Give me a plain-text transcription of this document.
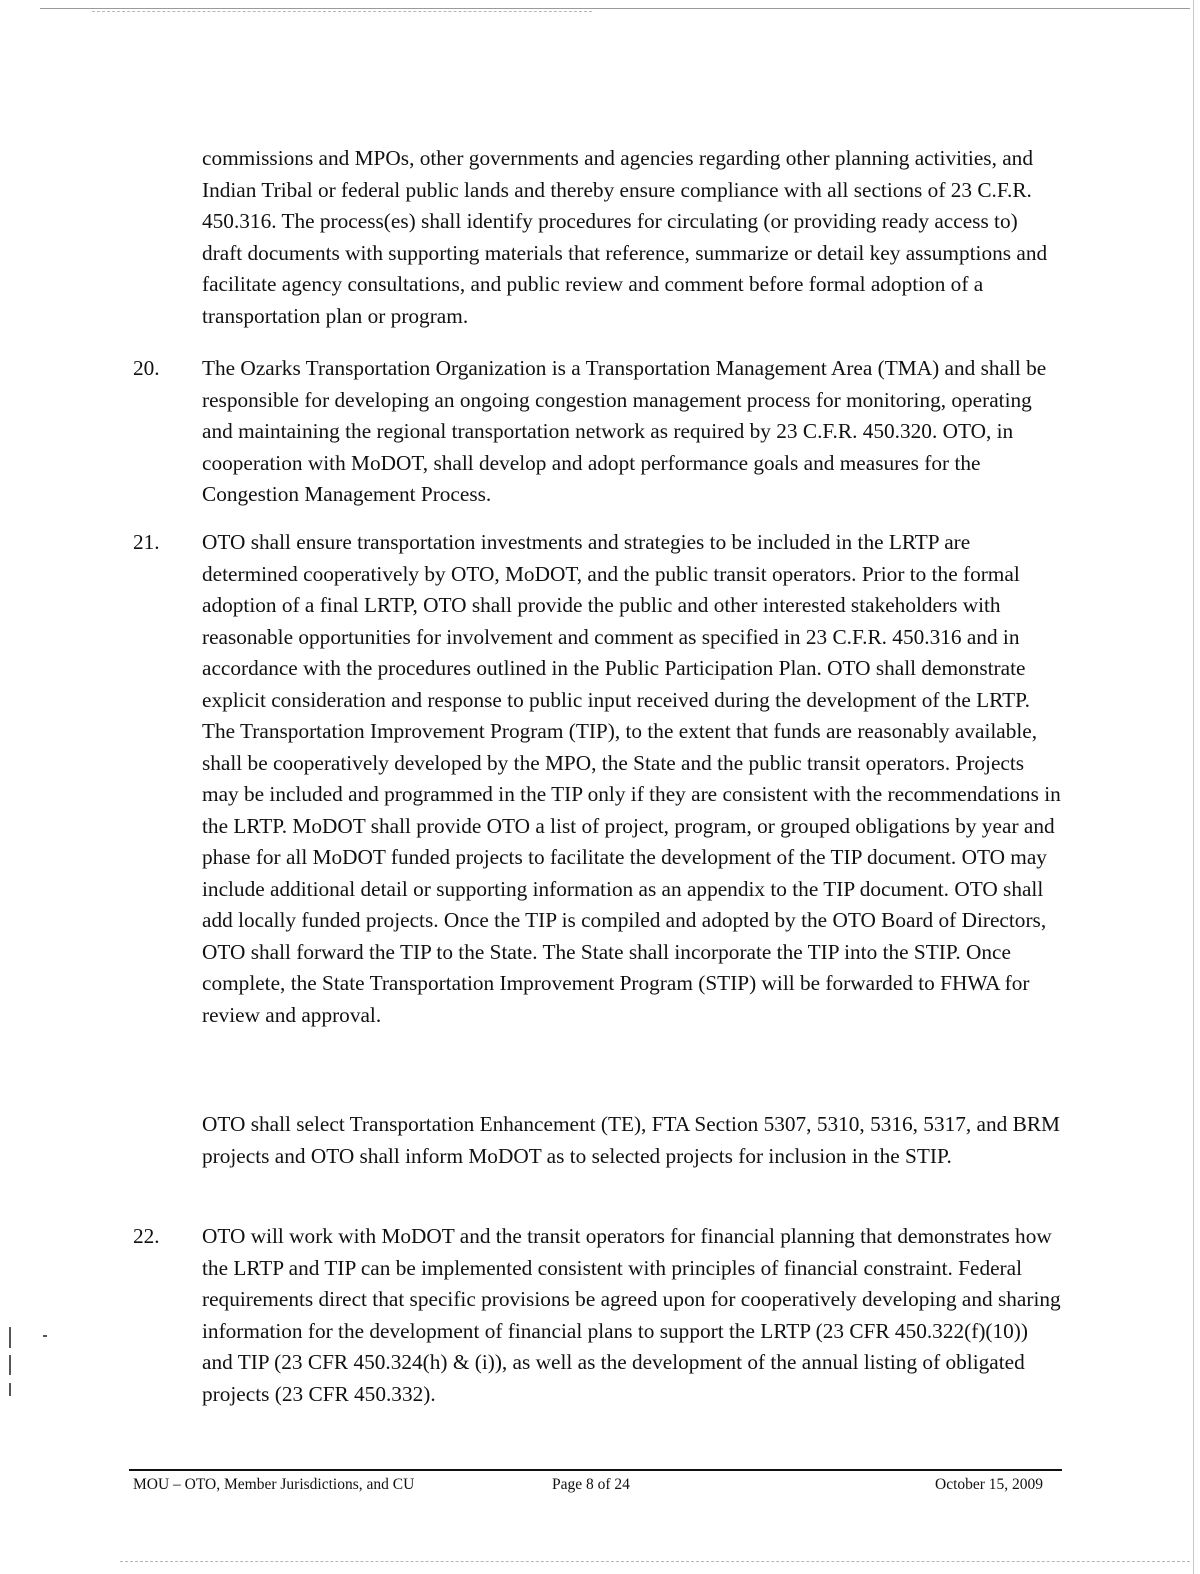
commissions and MPOs, other governments and agencies regarding other planning activities, and Indian Tribal or federal public lands and thereby ensure compliance with all sections of 23 C.F.R. 450.316. The process(es) shall identify procedures for circulating (or providing ready access to) draft documents with supporting materials that reference, summarize or detail key assumptions and facilitate agency consultations, and public review and comment before formal adoption of a transportation plan or program.

20. The Ozarks Transportation Organization is a Transportation Management Area (TMA) and shall be responsible for developing an ongoing congestion management process for monitoring, operating and maintaining the regional transportation network as required by 23 C.F.R. 450.320. OTO, in cooperation with MoDOT, shall develop and adopt performance goals and measures for the Congestion Management Process.

21. OTO shall ensure transportation investments and strategies to be included in the LRTP are determined cooperatively by OTO, MoDOT, and the public transit operators. Prior to the formal adoption of a final LRTP, OTO shall provide the public and other interested stakeholders with reasonable opportunities for involvement and comment as specified in 23 C.F.R. 450.316 and in accordance with the procedures outlined in the Public Participation Plan. OTO shall demonstrate explicit consideration and response to public input received during the development of the LRTP. The Transportation Improvement Program (TIP), to the extent that funds are reasonably available, shall be cooperatively developed by the MPO, the State and the public transit operators. Projects may be included and programmed in the TIP only if they are consistent with the recommendations in the LRTP. MoDOT shall provide OTO a list of project, program, or grouped obligations by year and phase for all MoDOT funded projects to facilitate the development of the TIP document. OTO may include additional detail or supporting information as an appendix to the TIP document. OTO shall add locally funded projects. Once the TIP is compiled and adopted by the OTO Board of Directors, OTO shall forward the TIP to the State. The State shall incorporate the TIP into the STIP. Once complete, the State Transportation Improvement Program (STIP) will be forwarded to FHWA for review and approval.

OTO shall select Transportation Enhancement (TE), FTA Section 5307, 5310, 5316, 5317, and BRM projects and OTO shall inform MoDOT as to selected projects for inclusion in the STIP.

22. OTO will work with MoDOT and the transit operators for financial planning that demonstrates how the LRTP and TIP can be implemented consistent with principles of financial constraint. Federal requirements direct that specific provisions be agreed upon for cooperatively developing and sharing information for the development of financial plans to support the LRTP (23 CFR 450.322(f)(10)) and TIP (23 CFR 450.324(h) & (i)), as well as the development of the annual listing of obligated projects (23 CFR 450.332).

MOU – OTO, Member Jurisdictions, and CU	Page 8 of 24	October 15, 2009
